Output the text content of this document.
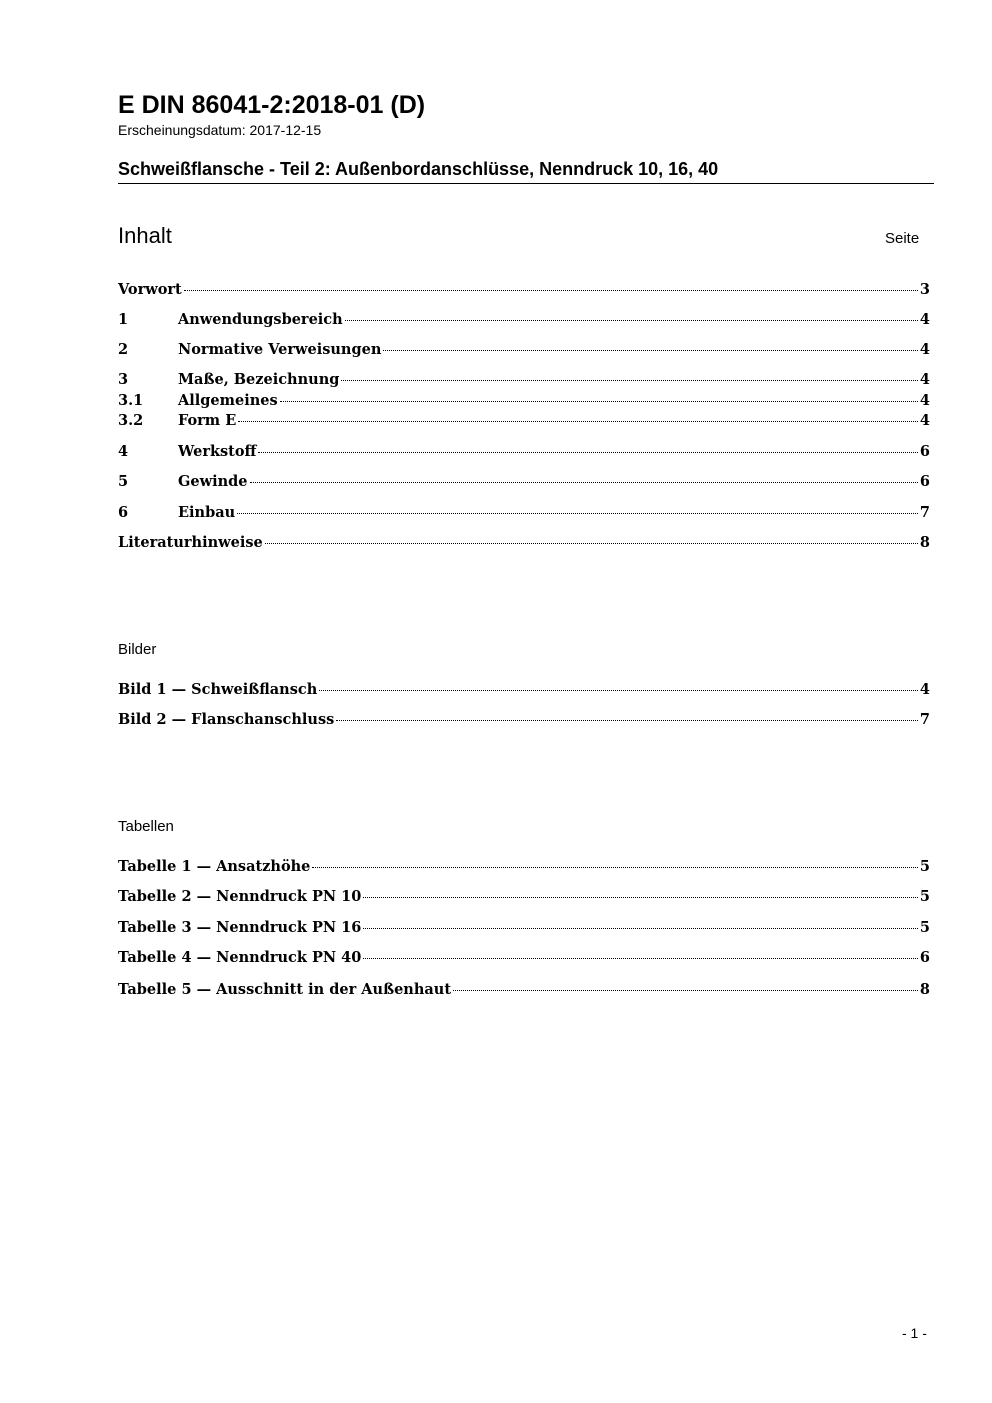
E DIN 86041-2:2018-01 (D)
Erscheinungsdatum: 2017-12-15
Schweißflansche - Teil 2: Außenbordanschlüsse, Nenndruck 10, 16, 40
Inhalt	Seite
Vorwort	3
1	Anwendungsbereich	4
2	Normative Verweisungen	4
3	Maße, Bezeichnung	4
3.1	Allgemeines	4
3.2	Form E	4
4	Werkstoff	6
5	Gewinde	6
6	Einbau	7
Literaturhinweise	8
Bilder
Bild 1 — Schweißflansch	4
Bild 2 — Flanschanschluss	7
Tabellen
Tabelle 1 — Ansatzhöhe	5
Tabelle 2 — Nenndruck PN 10	5
Tabelle 3 — Nenndruck PN 16	5
Tabelle 4 — Nenndruck PN 40	6
Tabelle 5 — Ausschnitt in der Außenhaut	8
- 1 -
